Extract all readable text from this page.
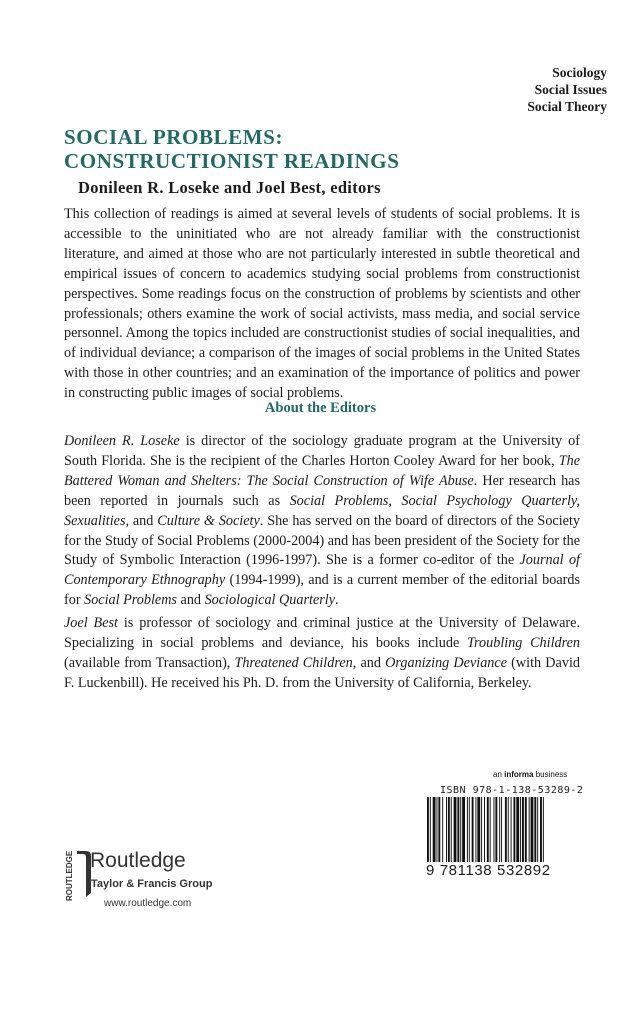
Sociology
Social Issues
Social Theory
SOCIAL PROBLEMS:
CONSTRUCTIONIST READINGS
Donileen R. Loseke and Joel Best, editors
This collection of readings is aimed at several levels of students of social problems. It is accessible to the uninitiated who are not already familiar with the constructionist literature, and aimed at those who are not particularly interested in subtle theoretical and empirical issues of concern to academics studying social problems from constructionist perspectives. Some readings focus on the construction of problems by scientists and other professionals; others examine the work of social activists, mass media, and social service personnel. Among the topics included are constructionist studies of social inequalities, and of individual deviance; a comparison of the images of social problems in the United States with those in other countries; and an examination of the importance of politics and power in constructing public images of social problems.
About the Editors
Donileen R. Loseke is director of the sociology graduate program at the University of South Florida. She is the recipient of the Charles Horton Cooley Award for her book, The Battered Woman and Shelters: The Social Construction of Wife Abuse. Her research has been reported in journals such as Social Problems, Social Psychology Quarterly, Sexualities, and Culture & Society. She has served on the board of directors of the Society for the Study of Social Problems (2000-2004) and has been president of the Society for the Study of Symbolic Interaction (1996-1997). She is a former co-editor of the Journal of Contemporary Ethnography (1994-1999), and is a current member of the editorial boards for Social Problems and Sociological Quarterly.
Joel Best is professor of sociology and criminal justice at the University of Delaware. Specializing in social problems and deviance, his books include Troubling Children (available from Transaction), Threatened Children, and Organizing Deviance (with David F. Luckenbill). He received his Ph. D. from the University of California, Berkeley.
an informa business
ISBN 978-1-138-53289-2
9 781138 532892
ROUTLEDGE Routledge
Taylor & Francis Group
www.routledge.com
